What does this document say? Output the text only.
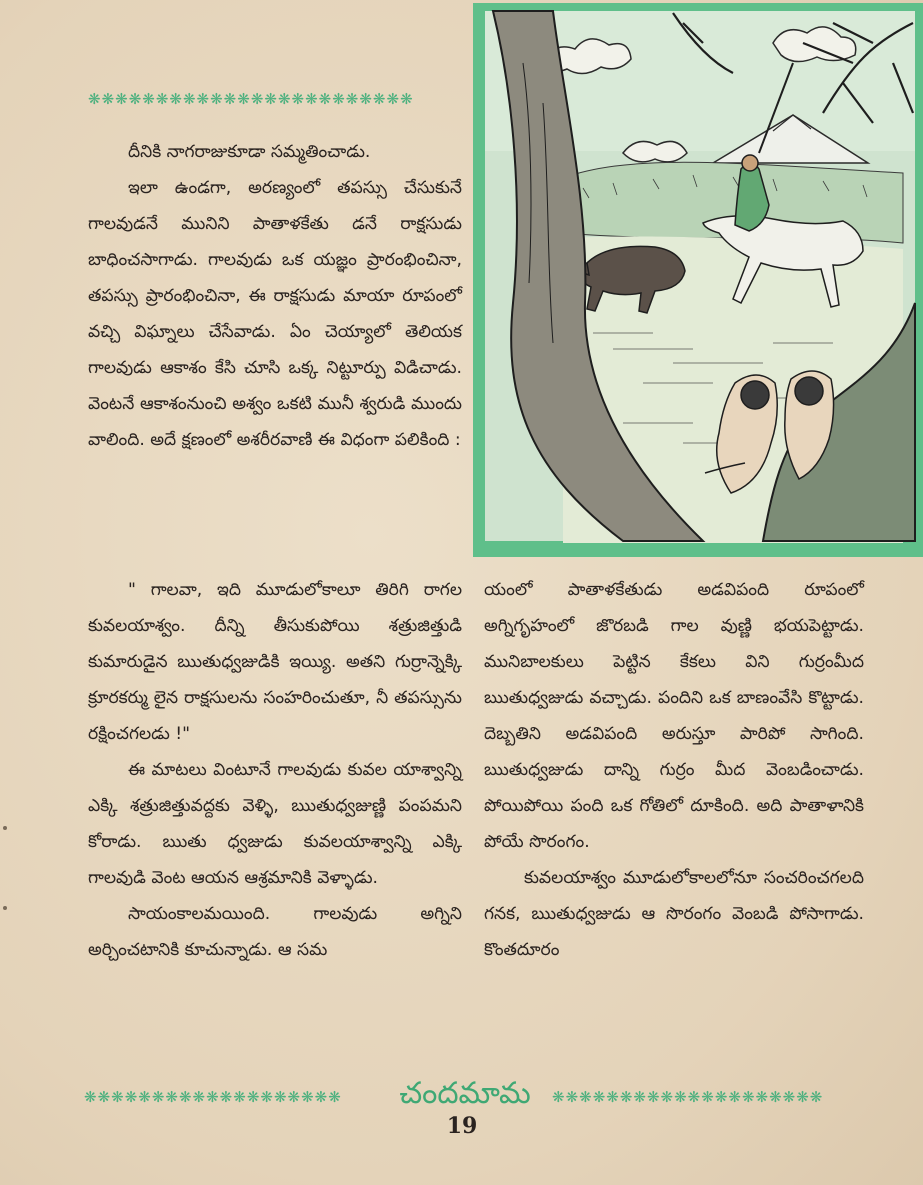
❋❋❋❋❋❋❋❋❋❋❋❋❋❋❋❋❋❋❋❋❋❋❋❋

దీనికి నాగరాజుకూడా సమ్మతించాడు.

ఇలా ఉండగా, అరణ్యంలో తపస్సు చేసుకునే గాలవుడనే మునిని పాతాళకేతు డనే రాక్షసుడు బాధించసాగాడు. గాలవుడు ఒక యజ్ఞం ప్రారంభించినా, తపస్సు ప్రారంభించినా, ఈ రాక్షసుడు మాయా రూపంలో వచ్చి విఘ్నాలు చేసేవాడు. ఏం చెయ్యాలో తెలియక గాలవుడు ఆకాశం కేసి చూసి ఒక్క నిట్టూర్పు విడిచాడు. వెంటనే ఆకాశంనుంచి అశ్వం ఒకటి మునీ శ్వరుడి ముందు వాలింది. అదే క్షణంలో అశరీరవాణి ఈ విధంగా పలికింది :

" గాలవా, ఇది మూడులోకాలూ తిరిగి రాగల కువలయాశ్వం. దీన్ని తీసుకుపోయి శత్రుజిత్తుడి కుమారుడైన ఋతుధ్వజుడికి ఇయ్యి. అతని గుర్రాన్నెక్కి క్రూరకర్ము లైన రాక్షసులను సంహరించుతూ, నీ తపస్సును రక్షించగలడు !"

ఈ మాటలు వింటూనే గాలవుడు కువల యాశ్వాన్ని ఎక్కి శత్రుజిత్తువద్దకు వెళ్ళి, ఋతుధ్వజుణ్ణి పంపమని కోరాడు. ఋతు ధ్వజుడు కువలయాశ్వాన్ని ఎక్కి గాలవుడి వెంట ఆయన ఆశ్రమానికి వెళ్ళాడు.

సాయంకాలమయింది. గాలవుడు అగ్నిని అర్చించటానికి కూచున్నాడు. ఆ సమ

యంలో పాతాళకేతుడు అడవిపంది రూపంలో అగ్నిగృహంలో జొరబడి గాల వుణ్ణి భయపెట్టాడు. మునిబాలకులు పెట్టిన కేకలు విని గుర్రంమీద ఋతుధ్వజుడు వచ్చాడు. పందిని ఒక బాణంవేసి కొట్టాడు. దెబ్బతిని అడవిపంది అరుస్తూ పారిపో సాగింది. ఋతుధ్వజుడు దాన్ని గుర్రం మీద వెంబడించాడు. పోయిపోయి పంది ఒక గోతిలో దూకింది. అది పాతాళానికి పోయే సొరంగం.

కువలయాశ్వం మూడులోకాలలోనూ సంచరించగలది గనక, ఋతుధ్వజుడు ఆ సొరంగం వెంబడి పోసాగాడు. కొంతదూరం

❋❋❋❋❋❋❋❋❋❋❋❋❋❋❋❋❋❋❋	చందమామ	❋❋❋❋❋❋❋❋❋❋❋❋❋❋❋❋❋❋❋❋
19
